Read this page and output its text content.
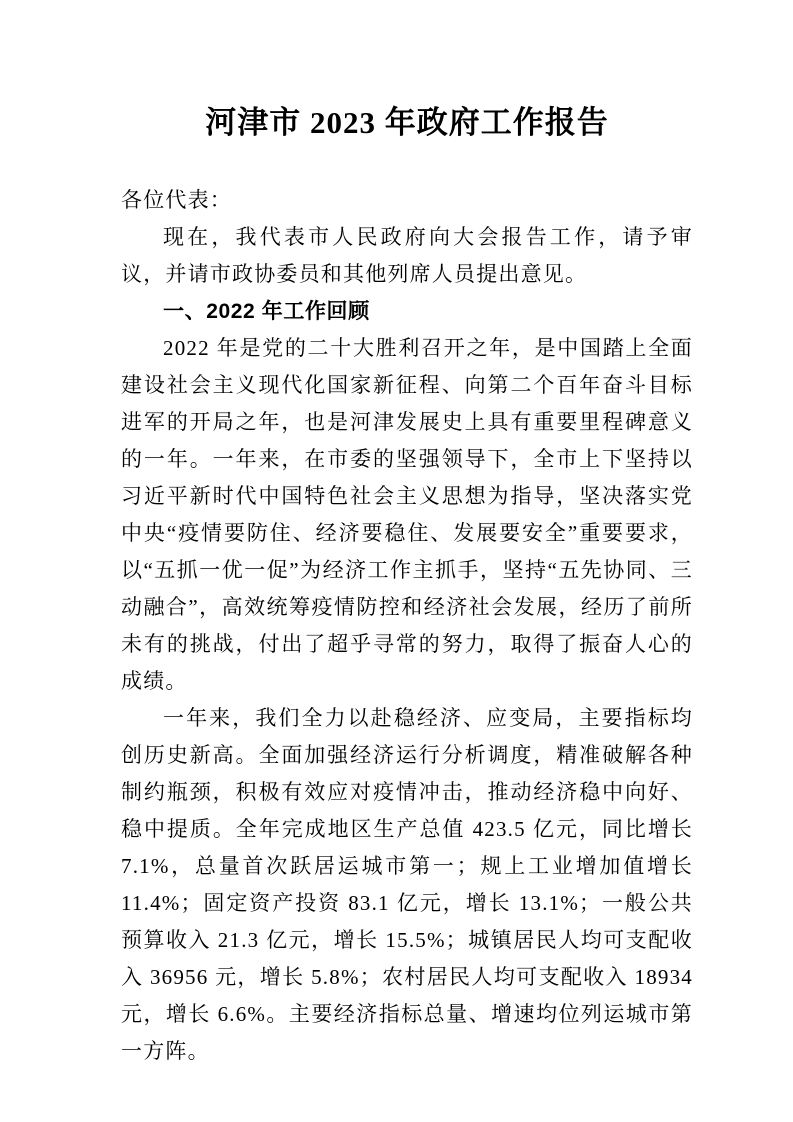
河津市 2023 年政府工作报告

各位代表：

现在，我代表市人民政府向大会报告工作，请予审议，并请市政协委员和其他列席人员提出意见。

一、2022 年工作回顾

2022 年是党的二十大胜利召开之年，是中国踏上全面建设社会主义现代化国家新征程、向第二个百年奋斗目标进军的开局之年，也是河津发展史上具有重要里程碑意义的一年。一年来，在市委的坚强领导下，全市上下坚持以习近平新时代中国特色社会主义思想为指导，坚决落实党中央“疫情要防住、经济要稳住、发展要安全”重要要求，以“五抓一优一促”为经济工作主抓手，坚持“五先协同、三动融合”，高效统筹疫情防控和经济社会发展，经历了前所未有的挑战，付出了超乎寻常的努力，取得了振奋人心的成绩。

一年来，我们全力以赴稳经济、应变局，主要指标均创历史新高。全面加强经济运行分析调度，精准破解各种制约瓶颈，积极有效应对疫情冲击，推动经济稳中向好、稳中提质。全年完成地区生产总值 423.5 亿元，同比增长 7.1%，总量首次跃居运城市第一；规上工业增加值增长 11.4%；固定资产投资 83.1 亿元，增长 13.1%；一般公共预算收入 21.3 亿元，增长 15.5%；城镇居民人均可支配收入 36956 元，增长 5.8%；农村居民人均可支配收入 18934 元，增长 6.6%。主要经济指标总量、增速均位列运城市第一方阵。
